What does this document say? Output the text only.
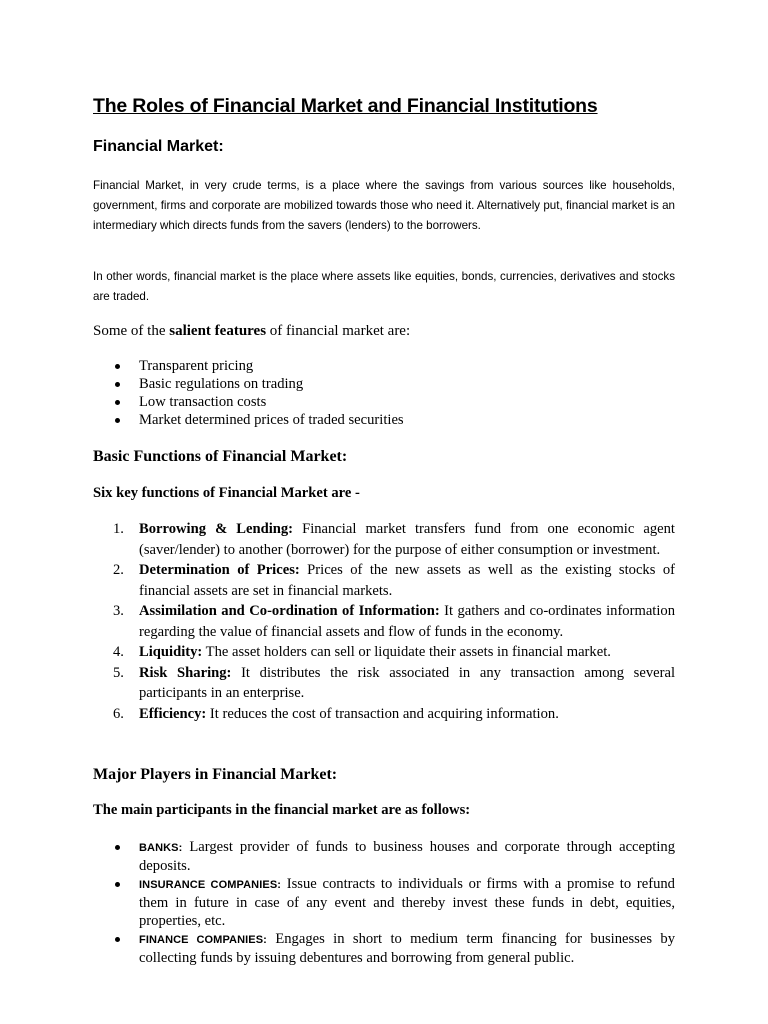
The Roles of Financial Market and Financial Institutions
Financial Market:
Financial Market, in very crude terms, is a place where the savings from various sources like households, government, firms and corporate are mobilized towards those who need it. Alternatively put, financial market is an intermediary which directs funds from the savers (lenders) to the borrowers.
In other words, financial market is the place where assets like equities, bonds, currencies, derivatives and stocks are traded.
Some of the salient features of financial market are:
Transparent pricing
Basic regulations on trading
Low transaction costs
Market determined prices of traded securities
Basic Functions of Financial Market:
Six key functions of Financial Market are -
1. Borrowing & Lending: Financial market transfers fund from one economic agent (saver/lender) to another (borrower) for the purpose of either consumption or investment.
2. Determination of Prices: Prices of the new assets as well as the existing stocks of financial assets are set in financial markets.
3. Assimilation and Co-ordination of Information: It gathers and co-ordinates information regarding the value of financial assets and flow of funds in the economy.
4. Liquidity: The asset holders can sell or liquidate their assets in financial market.
5. Risk Sharing: It distributes the risk associated in any transaction among several participants in an enterprise.
6. Efficiency: It reduces the cost of transaction and acquiring information.
Major Players in Financial Market:
The main participants in the financial market are as follows:
BANKS: Largest provider of funds to business houses and corporate through accepting deposits.
INSURANCE COMPANIES: Issue contracts to individuals or firms with a promise to refund them in future in case of any event and thereby invest these funds in debt, equities, properties, etc.
FINANCE COMPANIES: Engages in short to medium term financing for businesses by collecting funds by issuing debentures and borrowing from general public.
